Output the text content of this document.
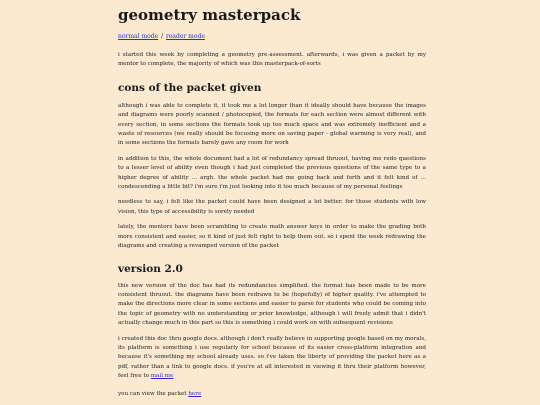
geometry masterpack
normal mode / reader mode

i started this week by completing a geometry pre-assessment. afterwards, i was given a packet by my mentor to complete, the majority of which was this masterpack-of-sorts

cons of the packet given

although i was able to complete it, it took me a lot longer than it ideally should have because the images and diagrams were poorly scanned / photocopied, the formats for each section were almost different with every section, in some sections the formats took up too much space and was extremely inefficient and a waste of resources (we really should be focusing more on saving paper - global warming is very real), and in some sections the formats barely gave any room for work

in addition to this, the whole document had a lot of redundancy spread thruout, having me redo questions to a lesser level of ability even though i had just completed the previous questions of the same type to a higher degree of ability ... argh. the whole packet had me going back and forth and it felt kind of ... condescending a little bit? i'm sure i'm just looking into it too much because of my personal feelings

needless to say, i felt like the packet could have been designed a lot better. for those students with low vision, this type of accessibility is sorely needed

lately, the mentors have been scrambling to create math answer keys in order to make the grading both more consistent and easier, so it kind of just felt right to help them out. so i spent the week redrawing the diagrams and creating a revamped version of the packet

version 2.0

this new version of the doc has had its redundancies simplified. the format has been made to be more consistent thruout. the diagrams have been redrawn to be (hopefully) of higher quality. i've attempted to make the directions more clear in some sections and easier to parse for students who could be coming into the topic of geometry with no understanding or prior knowledge, although i will freely admit that i didn't actually change much in this part so this is something i could work on with subsequent revisions

i created this doc thru google docs. although i don't really believe in supporting google based on my morals, its platform is something i use regularly for school because of its easier cross-platform integration and because it's something my school already uses. so i've taken the liberty of providing the packet here as a pdf, rather than a link to google docs. if you're at all interested in viewing it thru their platform however, feel free to mail me

you can view the packet here
